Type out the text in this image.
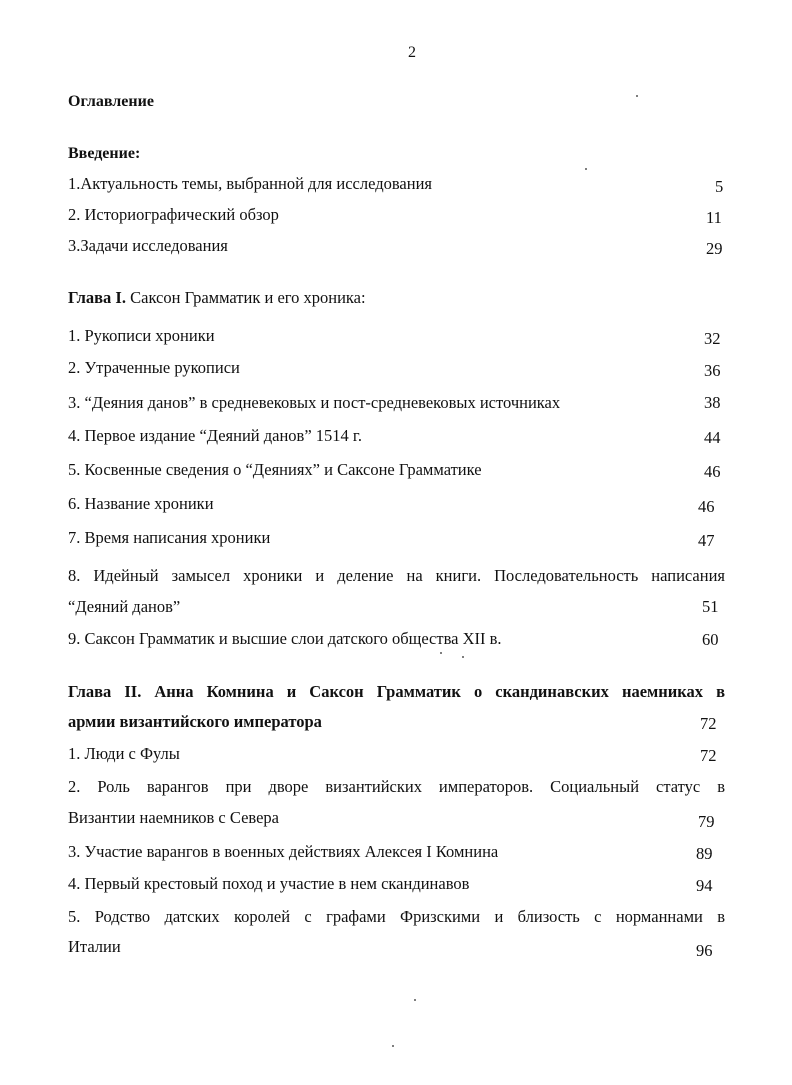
2
Оглавление
Введение:
1.Актуальность темы, выбранной для исследования	5
2. Историографический обзор	11
3.Задачи исследования	29
Глава I. Саксон Грамматик и его хроника:
1. Рукописи хроники	32
2. Утраченные рукописи	36
3. “Деяния данов” в средневековых и пост-средневековых источниках	38
4. Первое издание “Деяний данов” 1514 г.	44
5. Косвенные сведения о “Деяниях” и Саксоне Грамматике	46
6. Название хроники	46
7. Время написания хроники	47
8. Идейный замысел хроники и деление на книги. Последовательность написания
“Деяний данов”	51
9. Саксон Грамматик и высшие слои датского общества XII в.	60
Глава II. Анна Комнина и Саксон Грамматик о скандинавских наемниках в
армии византийского императора	72
1. Люди с Фулы	72
2. Роль варангов при дворе византийских императоров. Социальный статус в
Византии наемников с Севера	79
3. Участие варангов в военных действиях Алексея I Комнина	89
4. Первый крестовый поход и участие в нем скандинавов	94
5. Родство датских королей с графами Фризскими и близость с норманнами в
Италии	96
